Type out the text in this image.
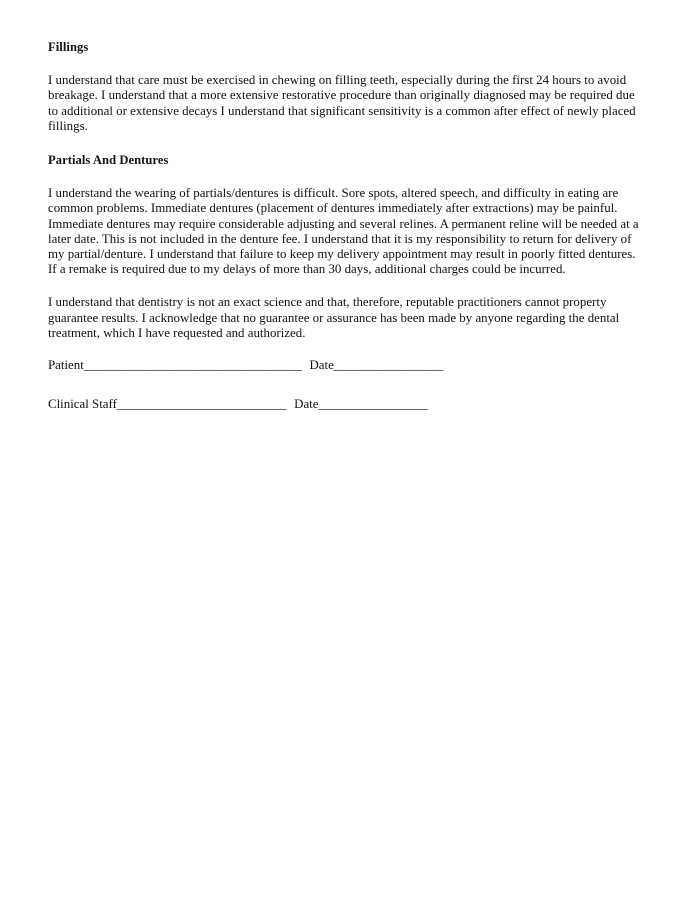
Fillings

I understand that care must be exercised in chewing on filling teeth, especially during the first 24 hours to avoid breakage. I understand that a more extensive restorative procedure than originally diagnosed may be required due to additional or extensive decays I understand that significant sensitivity is a common after effect of newly placed fillings.

Partials And Dentures

I understand the wearing of partials/dentures is difficult. Sore spots, altered speech, and difficulty in eating are common problems. Immediate dentures (placement of dentures immediately after extractions) may be painful. Immediate dentures may require considerable adjusting and several relines. A permanent reline will be needed at a later date. This is not included in the denture fee. I understand that it is my responsibility to return for delivery of my partial/denture. I understand that failure to keep my delivery appointment may result in poorly fitted dentures. If a remake is required due to my delays of more than 30 days, additional charges could be incurred.

I understand that dentistry is not an exact science and that, therefore, reputable practitioners cannot property guarantee results. I acknowledge that no guarantee or assurance has been made by anyone regarding the dental treatment, which I have requested and authorized.

Patient____________________________________ Date__________________

Clinical Staff____________________________ Date__________________
